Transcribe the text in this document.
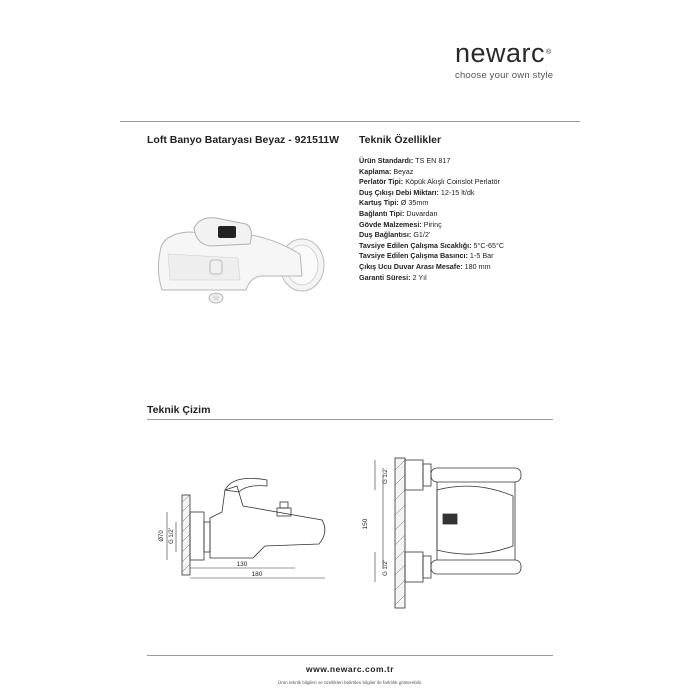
newarc®
choose your own style
Loft Banyo Bataryası Beyaz - 921511W Teknik Özellikler
Ürün Standardı: TS EN 817
Kaplama: Beyaz
Perlatör Tipi: Köpük Akışlı Coinslot Perlatör
Duş Çıkışı Debi Miktarı: 12-15 lt/dk
Kartuş Tipi: Ø 35mm
Bağlantı Tipi: Duvardan
Gövde Malzemesi: Pirinç
Duş Bağlantısı: G1/2'
Tavsiye Edilen Çalışma Sıcaklığı: 5°C-65°C
Tavsiye Edilen Çalışma Basıncı: 1-5 Bar
Çıkış Ucu Duvar Arası Mesafe: 180 mm
Garanti Süresi: 2 Yıl
Teknik Çizim
130
180
Ø70 G 1/2'
150
G 1/2'
G 1/2'
www.newarc.com.tr
Ürün teknik bilgileri ve özellikleri belirtilen bilgiler ile farklılık gösterebilir.
